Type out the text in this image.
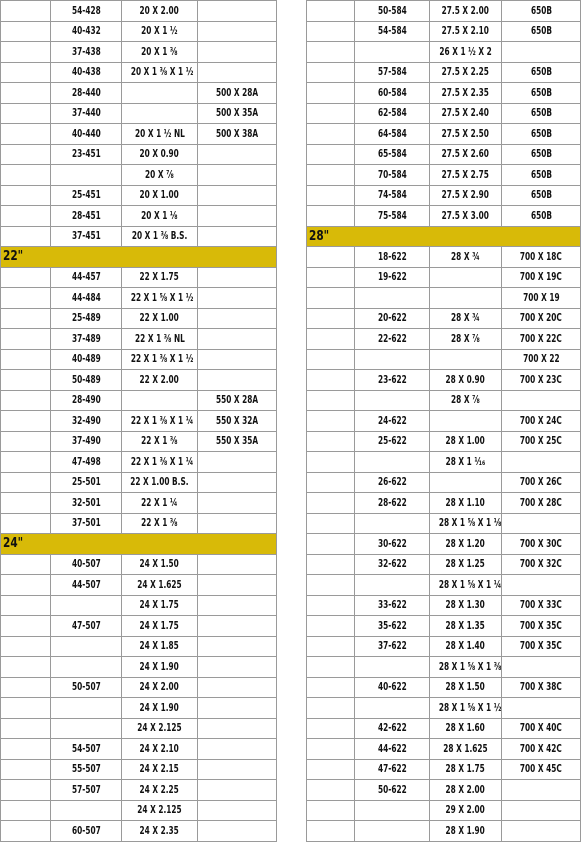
	54-428	20 X 2.00	
	40-432	20 X 1 ½	
	37-438	20 X 1 ⅜	
	40-438	20 X 1 ⅜ X 1 ½	
	28-440		500 X 28A
	37-440		500 X 35A
	40-440	20 X 1 ½ NL	500 X 38A
	23-451	20 X 0.90	
		20 X ⅞	
	25-451	20 X 1.00	
	28-451	20 X 1 ⅛	
	37-451	20 X 1 ⅜ B.S.	
22"			
	44-457	22 X 1.75	
	44-484	22 X 1 ⅝ X 1 ½	
	25-489	22 X 1.00	
	37-489	22 X 1 ⅜ NL	
	40-489	22 X 1 ⅜ X 1 ½	
	50-489	22 X 2.00	
	28-490		550 X 28A
	32-490	22 X 1 ⅜ X 1 ¼	550 X 32A
	37-490	22 X 1 ⅜	550 X 35A
	47-498	22 X 1 ⅜ X 1 ¼	
	25-501	22 X 1.00 B.S.	
	32-501	22 X 1 ¼	
	37-501	22 X 1 ⅜	
24"			
	40-507	24 X 1.50	
	44-507	24 X 1.625	
		24 X 1.75	
	47-507	24 X 1.75	
		24 X 1.85	
		24 X 1.90	
	50-507	24 X 2.00	
		24 X 1.90	
		24 X 2.125	
	54-507	24 X 2.10	
	55-507	24 X 2.15	
	57-507	24 X 2.25	
		24 X 2.125	
	60-507	24 X 2.35	
	50-584	27.5 X 2.00	650B
	54-584	27.5 X 2.10	650B
		26 X 1 ½ X 2	
	57-584	27.5 X 2.25	650B
	60-584	27.5 X 2.35	650B
	62-584	27.5 X 2.40	650B
	64-584	27.5 X 2.50	650B
	65-584	27.5 X 2.60	650B
	70-584	27.5 X 2.75	650B
	74-584	27.5 X 2.90	650B
	75-584	27.5 X 3.00	650B
28"			
	18-622	28 X ¾	700 X 18C
	19-622		700 X 19C
			700 X 19
	20-622	28 X ¾	700 X 20C
	22-622	28 X ⅞	700 X 22C
			700 X 22
	23-622	28 X 0.90	700 X 23C
		28 X ⅞	
	24-622		700 X 24C
	25-622	28 X 1.00	700 X 25C
		28 X 1 ¹⁄₁₆	
	26-622		700 X 26C
	28-622	28 X 1.10	700 X 28C
		28 X 1 ⅝ X 1 ⅛	
	30-622	28 X 1.20	700 X 30C
	32-622	28 X 1.25	700 X 32C
		28 X 1 ⅝ X 1 ¼	
	33-622	28 X 1.30	700 X 33C
	35-622	28 X 1.35	700 X 35C
	37-622	28 X 1.40	700 X 35C
		28 X 1 ⅝ X 1 ⅜	
	40-622	28 X 1.50	700 X 38C
		28 X 1 ⅝ X 1 ½	
	42-622	28 X 1.60	700 X 40C
	44-622	28 X 1.625	700 X 42C
	47-622	28 X 1.75	700 X 45C
	50-622	28 X 2.00	
		29 X 2.00	
		28 X 1.90	
